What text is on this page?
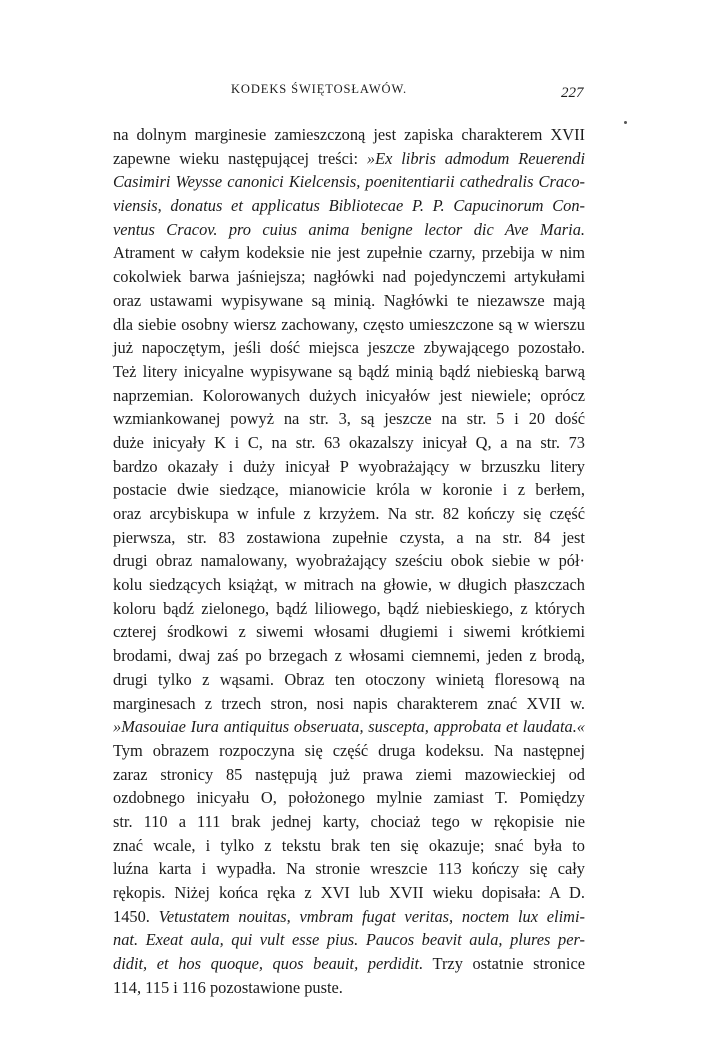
KODEKS ŚWIĘTOSŁAWÓW.	227
na dolnym marginesie zamieszczoną jest zapiska charakterem XVII
zapewne wieku następującej treści: »Ex libris admodum Reuerendi
Casimiri Weysse canonici Kielcensis, poenitentiarii cathedralis Craco-
viensis, donatus et applicatus Bibliotecae P. P. Capucinorum Con-
ventus Cracov. pro cuius anima benigne lector dic Ave Maria.
Atrament w całym kodeksie nie jest zupełnie czarny, przebija w nim
cokolwiek barwa jaśniejsza; nagłówki nad pojedynczemi artykułami
oraz ustawami wypisywane są minią. Nagłówki te niezawsze mają
dla siebie osobny wiersz zachowany, często umieszczone są w wierszu
już napoczętym, jeśli dość miejsca jeszcze zbywającego pozostało.
Też litery inicyalne wypisywane są bądź minią bądź niebieską barwą
naprzemian. Kolorowanych dużych inicyałów jest niewiele; oprócz
wzmiankowanej powyż na str. 3, są jeszcze na str. 5 i 20 dość
duże inicyały K i C, na str. 63 okazalszy inicyał Q, a na str. 73
bardzo okazały i duży inicyał P wyobrażający w brzuszku litery
postacie dwie siedzące, mianowicie króla w koronie i z berłem,
oraz arcybiskupa w infule z krzyżem. Na str. 82 kończy się część
pierwsza, str. 83 zostawiona zupełnie czysta, a na str. 84 jest
drugi obraz namalowany, wyobrażający sześciu obok siebie w pół·
kolu siedzących książąt, w mitrach na głowie, w długich płaszczach
koloru bądź zielonego, bądź liliowego, bądź niebieskiego, z których
czterej środkowi z siwemi włosami długiemi i siwemi krótkiemi
brodami, dwaj zaś po brzegach z włosami ciemnemi, jeden z brodą,
drugi tylko z wąsami. Obraz ten otoczony winietą floresową na
marginesach z trzech stron, nosi napis charakterem znać XVII w.
»Masouiae Iura antiquitus obseruata, suscepta, approbata et laudata.«
Tym obrazem rozpoczyna się część druga kodeksu. Na następnej
zaraz stronicy 85 następują już prawa ziemi mazowieckiej od
ozdobnego inicyału O, położonego mylnie zamiast T. Pomiędzy
str. 110 a 111 brak jednej karty, chociaż tego w rękopisie nie
znać wcale, i tylko z tekstu brak ten się okazuje; snać była to
luźna karta i wypadła. Na stronie wreszcie 113 kończy się cały
rękopis. Niżej końca ręka z XVI lub XVII wieku dopisała: A D.
1450. Vetustatem nouitas, vmbram fugat veritas, noctem lux elimi-
nat. Exeat aula, qui vult esse pius. Paucos beavit aula, plures per-
didit, et hos quoque, quos beauit, perdidit. Trzy ostatnie stronice
114, 115 i 116 pozostawione puste.
